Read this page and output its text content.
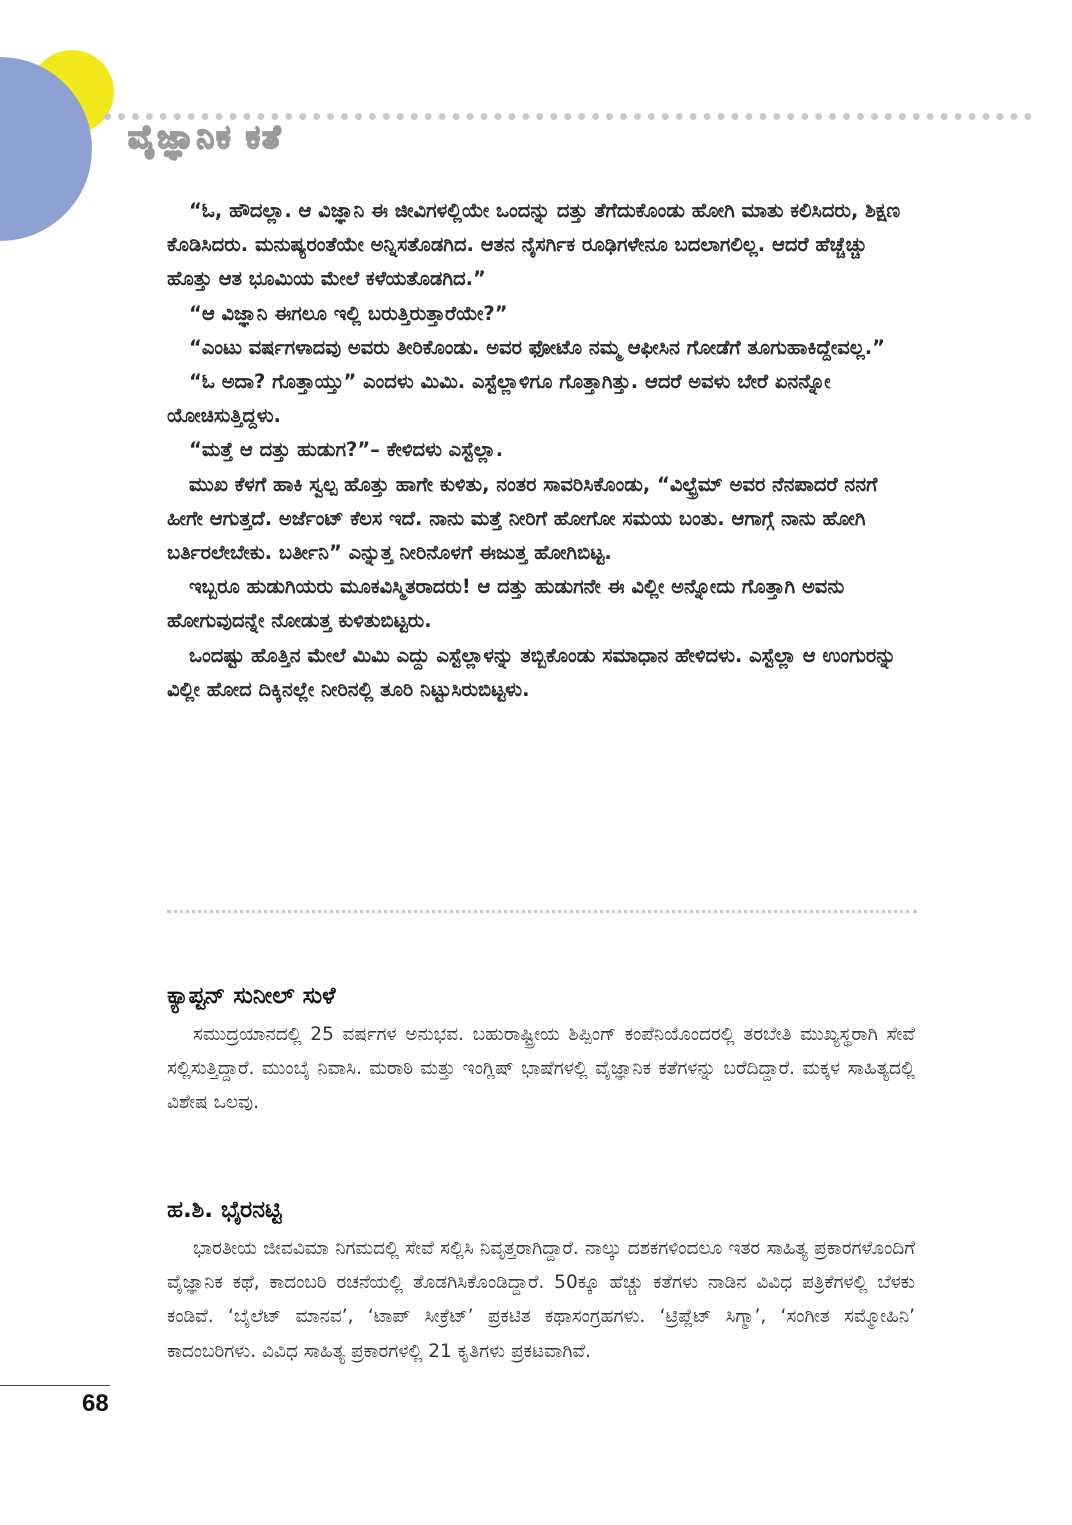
ವೈಜ್ಞಾನಿಕ ಕತೆ

“ಓ, ಹೌದಲ್ಲಾ. ಆ ವಿಜ್ಞಾನಿ ಈ ಜೀವಿಗಳಲ್ಲಿಯೇ ಒಂದನ್ನು ದತ್ತು ತೆಗೆದುಕೊಂಡು ಹೋಗಿ ಮಾತು ಕಲಿಸಿದರು, ಶಿಕ್ಷಣ ಕೊಡಿಸಿದರು. ಮನುಷ್ಯರಂತೆಯೇ ಅನ್ನಿಸತೊಡಗಿದ. ಆತನ ನೈಸರ್ಗಿಕ ರೂಢಿಗಳೇನೂ ಬದಲಾಗಲಿಲ್ಲ. ಆದರೆ ಹೆಚ್ಚೆಚ್ಚು ಹೊತ್ತು ಆತ ಭೂಮಿಯ ಮೇಲೆ ಕಳೆಯತೊಡಗಿದ.”

“ಆ ವಿಜ್ಞಾನಿ ಈಗಲೂ ಇಲ್ಲಿ ಬರುತ್ತಿರುತ್ತಾರೆಯೇ?”

“ಎಂಟು ವರ್ಷಗಳಾದವು ಅವರು ತೀರಿಕೊಂಡು. ಅವರ ಫೋಟೊ ನಮ್ಮ ಆಫೀಸಿನ ಗೋಡೆಗೆ ತೂಗುಹಾಕಿದ್ದೇವಲ್ಲ.”

“ಓ ಅದಾ? ಗೊತ್ತಾಯ್ತು” ಎಂದಳು ಮಿಮಿ. ಎಸ್ಟೆಲ್ಲಾಳಿಗೂ ಗೊತ್ತಾಗಿತ್ತು. ಆದರೆ ಅವಳು ಬೇರೆ ಏನನ್ನೋ ಯೋಚಿಸುತ್ತಿದ್ದಳು.

“ಮತ್ತೆ ಆ ದತ್ತು ಹುಡುಗ?”– ಕೇಳಿದಳು ಎಸ್ಟೆಲ್ಲಾ.

ಮುಖ ಕೆಳಗೆ ಹಾಕಿ ಸ್ವಲ್ಪ ಹೊತ್ತು ಹಾಗೇ ಕುಳಿತು, ನಂತರ ಸಾವರಿಸಿಕೊಂಡು, “ವಿಲ್ಫ್ರೆಮ್ ಅವರ ನೆನಪಾದರೆ ನನಗೆ ಹೀಗೇ ಆಗುತ್ತದೆ. ಅರ್ಜೆಂಟ್ ಕೆಲಸ ಇದೆ. ನಾನು ಮತ್ತೆ ನೀರಿಗೆ ಹೋಗೋ ಸಮಯ ಬಂತು. ಆಗಾಗ್ಗೆ ನಾನು ಹೋಗಿ ಬರ್ತಿರಲೇಬೇಕು. ಬರ್ತೀನಿ” ಎನ್ನುತ್ತ ನೀರಿನೊಳಗೆ ಈಜುತ್ತ ಹೋಗಿಬಿಟ್ಟ.

ಇಬ್ಬರೂ ಹುಡುಗಿಯರು ಮೂಕವಿಸ್ಮಿತರಾದರು! ಆ ದತ್ತು ಹುಡುಗನೇ ಈ ವಿಲ್ಲೀ ಅನ್ನೋದು ಗೊತ್ತಾಗಿ ಅವನು ಹೋಗುವುದನ್ನೇ ನೋಡುತ್ತ ಕುಳಿತುಬಿಟ್ಟರು.

ಒಂದಷ್ಟು ಹೊತ್ತಿನ ಮೇಲೆ ಮಿಮಿ ಎದ್ದು ಎಸ್ಟೆಲ್ಲಾಳನ್ನು ತಬ್ಬಿಕೊಂಡು ಸಮಾಧಾನ ಹೇಳಿದಳು. ಎಸ್ಟೆಲ್ಲಾ ಆ ಉಂಗುರನ್ನು ವಿಲ್ಲೀ ಹೋದ ದಿಕ್ಕಿನಲ್ಲೇ ನೀರಿನಲ್ಲಿ ತೂರಿ ನಿಟ್ಟುಸಿರುಬಿಟ್ಟಳು.

ಕ್ಯಾಪ್ಟನ್ ಸುನೀಲ್ ಸುಳೆ

ಸಮುದ್ರಯಾನದಲ್ಲಿ 25 ವರ್ಷಗಳ ಅನುಭವ. ಬಹುರಾಷ್ಟ್ರೀಯ ಶಿಪ್ಪಿಂಗ್ ಕಂಪೆನಿಯೊಂದರಲ್ಲಿ ತರಬೇತಿ ಮುಖ್ಯಸ್ಥರಾಗಿ ಸೇವೆ ಸಲ್ಲಿಸುತ್ತಿದ್ದಾರೆ. ಮುಂಬೈ ನಿವಾಸಿ. ಮರಾಠಿ ಮತ್ತು ಇಂಗ್ಲಿಷ್ ಭಾಷೆಗಳಲ್ಲಿ ವೈಜ್ಞಾನಿಕ ಕತೆಗಳನ್ನು ಬರೆದಿದ್ದಾರೆ. ಮಕ್ಕಳ ಸಾಹಿತ್ಯದಲ್ಲಿ ವಿಶೇಷ ಒಲವು.

ಹ.ಶಿ. ಭೈರನಟ್ಟಿ

ಭಾರತೀಯ ಜೀವವಿಮಾ ನಿಗಮದಲ್ಲಿ ಸೇವೆ ಸಲ್ಲಿಸಿ ನಿವೃತ್ತರಾಗಿದ್ದಾರೆ. ನಾಲ್ಕು ದಶಕಗಳಿಂದಲೂ ಇತರ ಸಾಹಿತ್ಯ ಪ್ರಕಾರಗಳೊಂದಿಗೆ ವೈಜ್ಞಾನಿಕ ಕಥೆ, ಕಾದಂಬರಿ ರಚನೆಯಲ್ಲಿ ತೊಡಗಿಸಿಕೊಂಡಿದ್ದಾರೆ. 50ಕ್ಕೂ ಹೆಚ್ಚು ಕತೆಗಳು ನಾಡಿನ ವಿವಿಧ ಪತ್ರಿಕೆಗಳಲ್ಲಿ ಬೆಳಕು ಕಂಡಿವೆ. ‘ಬೈಲೆಟ್ ಮಾನವ’, ‘ಟಾಪ್ ಸೀಕ್ರೆಟ್’ ಪ್ರಕಟಿತ ಕಥಾಸಂಗ್ರಹಗಳು. ‘ಟ್ರಿಪ್ಲೆಟ್ ಸಿಗ್ಮಾ’, ‘ಸಂಗೀತ ಸಮ್ಮೋಹಿನಿ’ ಕಾದಂಬರಿಗಳು. ವಿವಿಧ ಸಾಹಿತ್ಯ ಪ್ರಕಾರಗಳಲ್ಲಿ 21 ಕೃತಿಗಳು ಪ್ರಕಟವಾಗಿವೆ.

68
